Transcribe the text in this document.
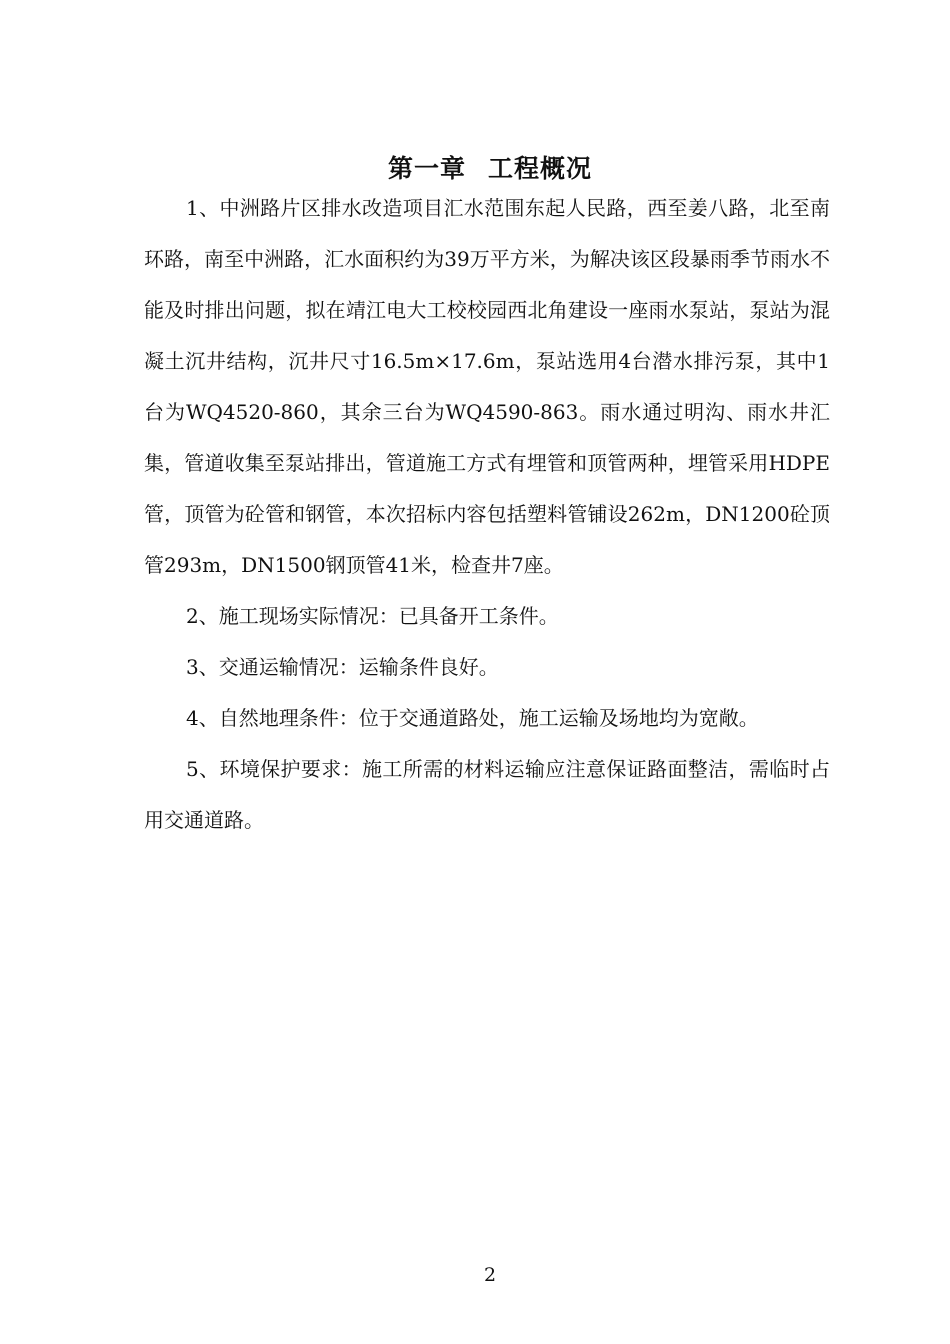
第一章 工程概况

1、中洲路片区排水改造项目汇水范围东起人民路，西至姜八路，北至南环路，南至中洲路，汇水面积约为39万平方米，为解决该区段暴雨季节雨水不能及时排出问题，拟在靖江电大工校校园西北角建设一座雨水泵站，泵站为混凝土沉井结构，沉井尺寸16.5m×17.6m，泵站选用4台潜水排污泵，其中1台为WQ4520-860，其余三台为WQ4590-863。雨水通过明沟、雨水井汇集，管道收集至泵站排出，管道施工方式有埋管和顶管两种，埋管采用HDPE管，顶管为砼管和钢管，本次招标内容包括塑料管铺设262m，DN1200砼顶管293m，DN1500钢顶管41米，检查井7座。

2、施工现场实际情况：已具备开工条件。

3、交通运输情况：运输条件良好。

4、自然地理条件：位于交通道路处，施工运输及场地均为宽敞。

5、环境保护要求：施工所需的材料运输应注意保证路面整洁，需临时占用交通道路。

2
